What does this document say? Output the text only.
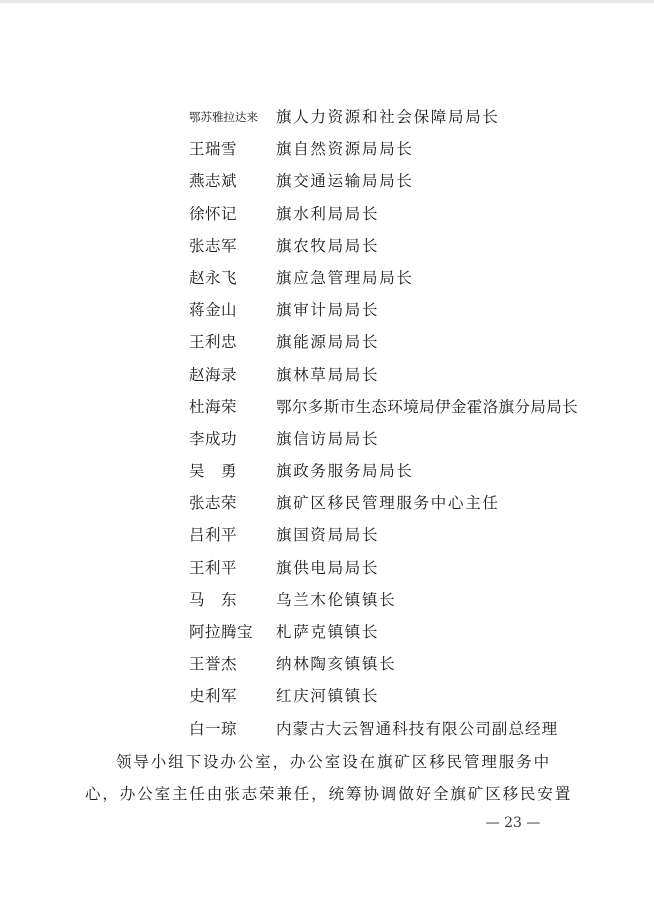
鄂苏雅拉达来 旗人力资源和社会保障局局长
王瑞雪	旗自然资源局局长
燕志斌	旗交通运输局局长
徐怀记	旗水利局局长
张志军	旗农牧局局长
赵永飞	旗应急管理局局长
蒋金山	旗审计局局长
王利忠	旗能源局局长
赵海录	旗林草局局长
杜海荣	鄂尔多斯市生态环境局伊金霍洛旗分局局长
李成功	旗信访局局长
吴　勇	旗政务服务局局长
张志荣	旗矿区移民管理服务中心主任
吕利平	旗国资局局长
王利平	旗供电局局长
马　东	乌兰木伦镇镇长
阿拉腾宝 札萨克镇镇长
王誉杰	纳林陶亥镇镇长
史利军	红庆河镇镇长
白一琼	内蒙古大云智通科技有限公司副总经理

领导小组下设办公室，办公室设在旗矿区移民管理服务中

心，办公室主任由张志荣兼任，统筹协调做好全旗矿区移民安置

— 23 —
